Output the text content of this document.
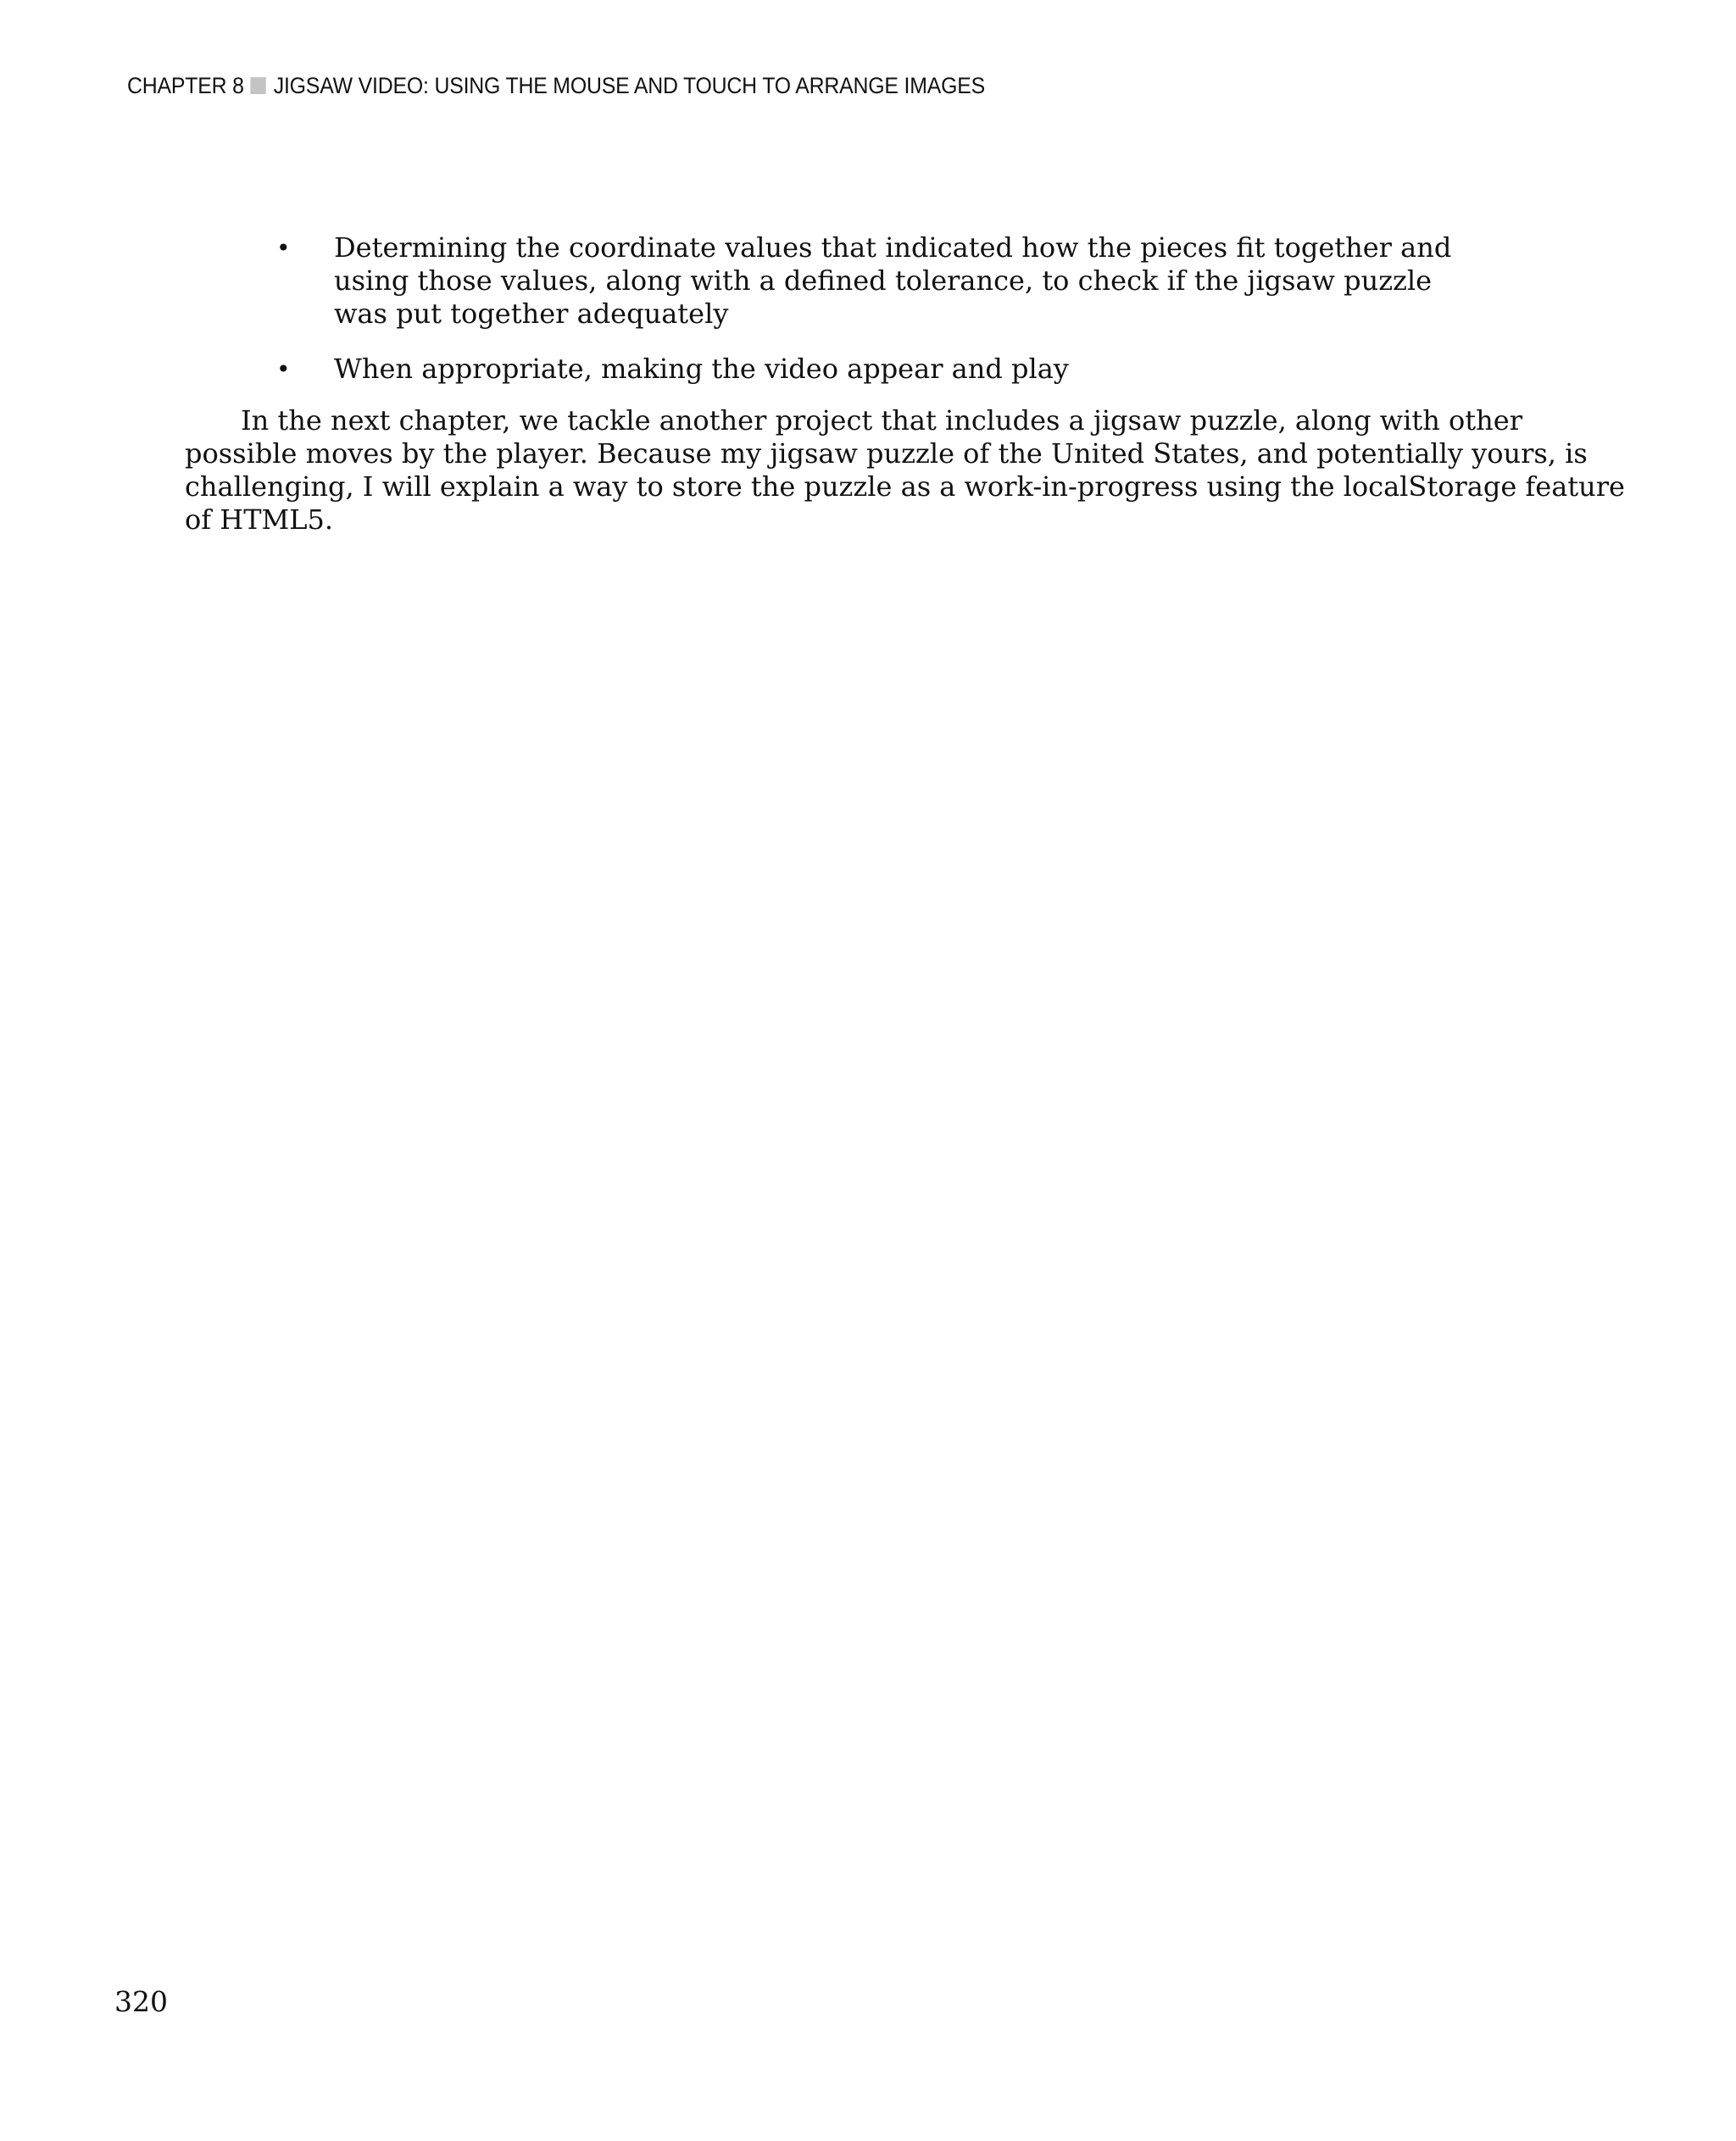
CHAPTER 8 JIGSAW VIDEO: USING THE MOUSE AND TOUCH TO ARRANGE IMAGES
• Determining the coordinate values that indicated how the pieces fit together and
using those values, along with a defined tolerance, to check if the jigsaw puzzle
was put together adequately
• When appropriate, making the video appear and play

In the next chapter, we tackle another project that includes a jigsaw puzzle, along with other
possible moves by the player. Because my jigsaw puzzle of the United States, and potentially yours, is
challenging, I will explain a way to store the puzzle as a work-in-progress using the localStorage feature
of HTML5.

320
